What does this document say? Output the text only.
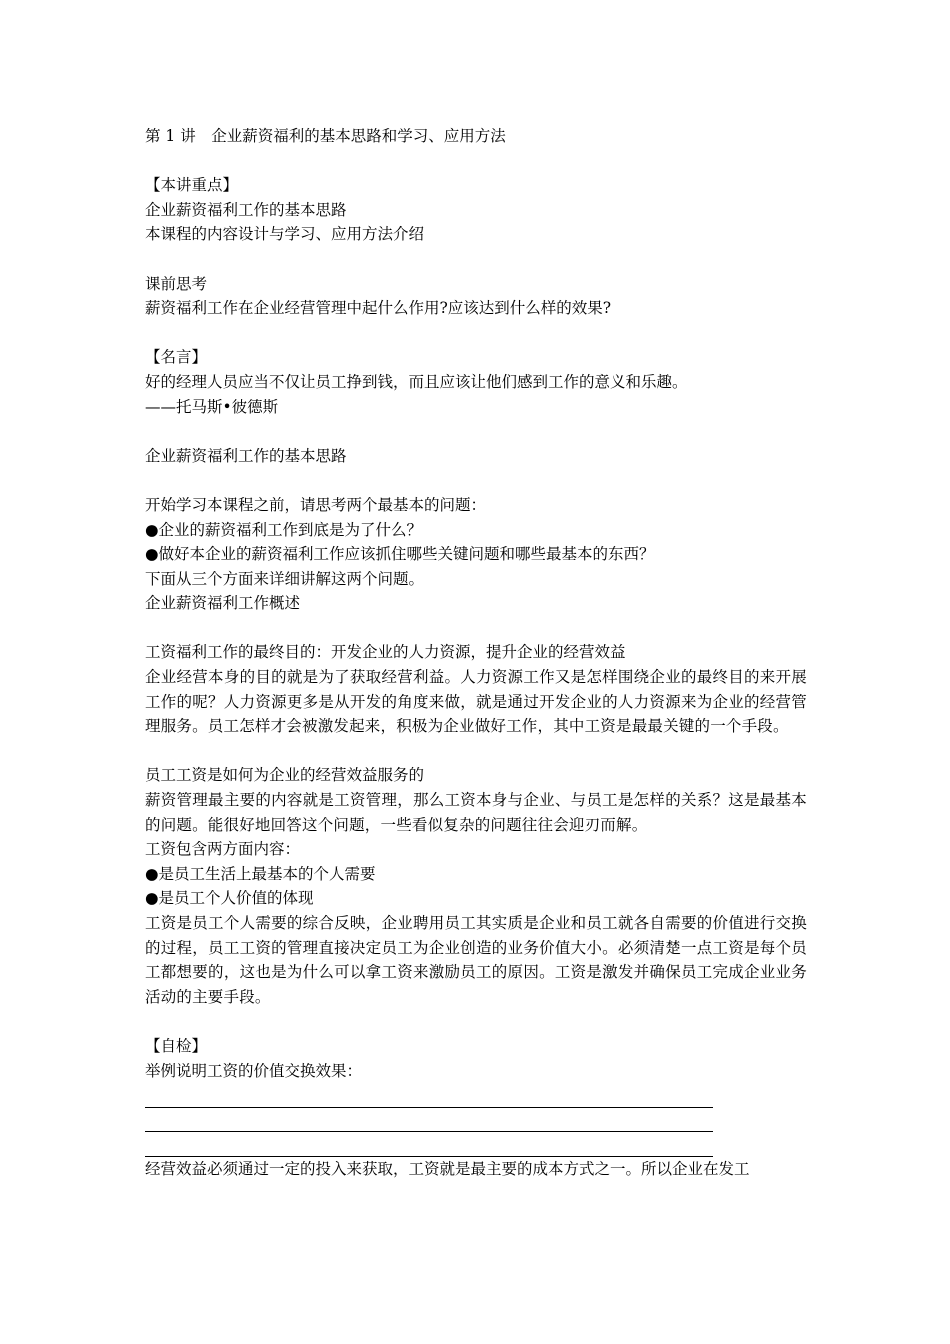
第 1 讲　企业薪资福利的基本思路和学习、应用方法
【本讲重点】
企业薪资福利工作的基本思路
本课程的内容设计与学习、应用方法介绍
课前思考
薪资福利工作在企业经营管理中起什么作用?应该达到什么样的效果?
【名言】
好的经理人员应当不仅让员工挣到钱，而且应该让他们感到工作的意义和乐趣。
——托马斯•彼德斯
企业薪资福利工作的基本思路
开始学习本课程之前，请思考两个最基本的问题：
●企业的薪资福利工作到底是为了什么？
●做好本企业的薪资福利工作应该抓住哪些关键问题和哪些最基本的东西？
下面从三个方面来详细讲解这两个问题。
企业薪资福利工作概述
工资福利工作的最终目的：开发企业的人力资源，提升企业的经营效益
企业经营本身的目的就是为了获取经营利益。人力资源工作又是怎样围绕企业的最终目的来开展工作的呢？人力资源更多是从开发的角度来做，就是通过开发企业的人力资源来为企业的经营管理服务。员工怎样才会被激发起来，积极为企业做好工作，其中工资是最最关键的一个手段。
员工工资是如何为企业的经营效益服务的
薪资管理最主要的内容就是工资管理，那么工资本身与企业、与员工是怎样的关系？这是最基本的问题。能很好地回答这个问题，一些看似复杂的问题往往会迎刃而解。
工资包含两方面内容：
●是员工生活上最基本的个人需要
●是员工个人价值的体现
工资是员工个人需要的综合反映，企业聘用员工其实质是企业和员工就各自需要的价值进行交换的过程，员工工资的管理直接决定员工为企业创造的业务价值大小。必须清楚一点工资是每个员工都想要的，这也是为什么可以拿工资来激励员工的原因。工资是激发并确保员工完成企业业务活动的主要手段。
【自检】
举例说明工资的价值交换效果：
经营效益必须通过一定的投入来获取，工资就是最主要的成本方式之一。所以企业在发工
